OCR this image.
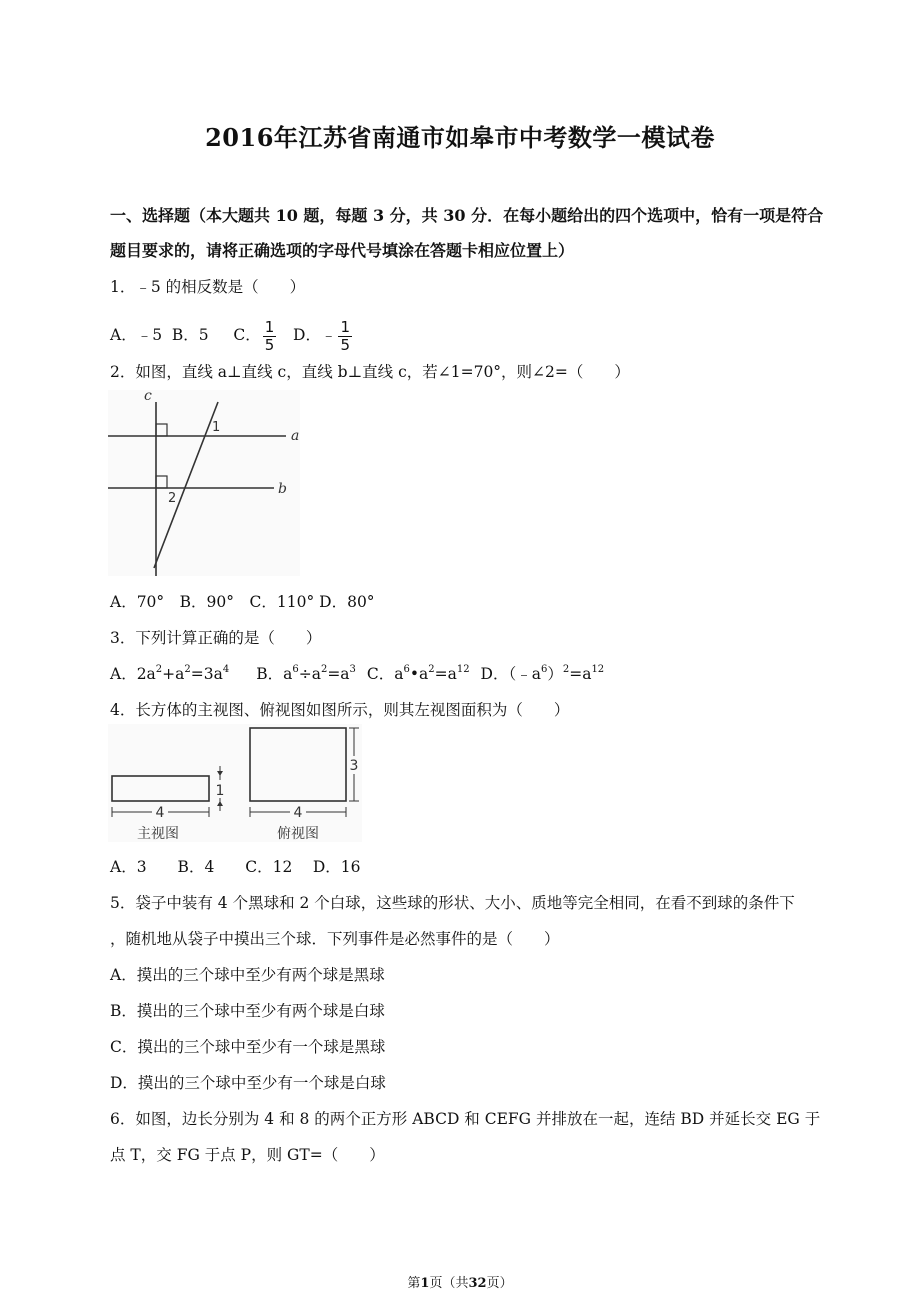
2016年江苏省南通市如皋市中考数学一模试卷
一、选择题（本大题共 10 题，每题 3 分，共 30 分．在每小题给出的四个选项中，恰有一项是符合
题目要求的，请将正确选项的字母代号填涂在答题卡相应位置上）
1．﹣5 的相反数是（　　）
A．﹣5 B．5 C． $\frac{1}{5}$ D．﹣ $\frac{1}{5}$
2．如图，直线 a⊥直线 c，直线 b⊥直线 c，若∠1=70°，则∠2=（　　）
c
a
b
1
2
A．70°　B．90°　C．110° D．80°
3．下列计算正确的是（　　）
A．$2a^2+a^2=3a^4$ B．$a^6\div a^2=a^3$ C．$a^6•a^2=a^{12}$ D．$(﹣a^6)^2=a^{12}$
4．长方体的主视图、俯视图如图所示，则其左视图面积为（　　）
4
1
主视图
4
3
俯视图
A．3　　B．4　　C．12　 D．16
5．袋子中装有 4 个黑球和 2 个白球，这些球的形状、大小、质地等完全相同，在看不到球的条件下
，随机地从袋子中摸出三个球．下列事件是必然事件的是（　　）
A．摸出的三个球中至少有两个球是黑球
B．摸出的三个球中至少有两个球是白球
C．摸出的三个球中至少有一个球是黑球
D．摸出的三个球中至少有一个球是白球
6．如图，边长分别为 4 和 8 的两个正方形 ABCD 和 CEFG 并排放在一起，连结 BD 并延长交 EG 于
点 T，交 FG 于点 P，则 GT=（　　）
第1页（共32页）
